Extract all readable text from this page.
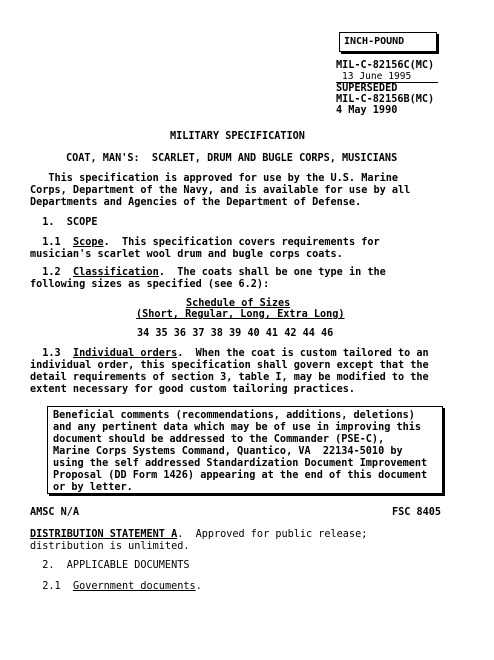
INCH-POUND
MIL-C-82156C(MC)
13 June 1995
SUPERSEDED
MIL-C-82156B(MC)
4 May 1990
MILITARY SPECIFICATION
COAT, MAN'S:  SCARLET, DRUM AND BUGLE CORPS, MUSICIANS
This specification is approved for use by the U.S. Marine
Corps, Department of the Navy, and is available for use by all
Departments and Agencies of the Department of Defense.
1.  SCOPE
1.1  Scope.  This specification covers requirements for
musician's scarlet wool drum and bugle corps coats.
1.2  Classification.  The coats shall be one type in the
following sizes as specified (see 6.2):
Schedule of Sizes
(Short, Regular, Long, Extra Long)
34 35 36 37 38 39 40 41 42 44 46
1.3  Individual orders.  When the coat is custom tailored to an
individual order, this specification shall govern except that the
detail requirements of section 3, table I, may be modified to the
extent necessary for good custom tailoring practices.
Beneficial comments (recommendations, additions, deletions)
and any pertinent data which may be of use in improving this
document should be addressed to the Commander (PSE-C),
Marine Corps Systems Command, Quantico, VA  22134-5010 by
using the self addressed Standardization Document Improvement
Proposal (DD Form 1426) appearing at the end of this document
or by letter.
AMSC N/A	FSC 8405
DISTRIBUTION STATEMENT A.  Approved for public release;
distribution is unlimited.
2.  APPLICABLE DOCUMENTS
2.1  Government documents.
